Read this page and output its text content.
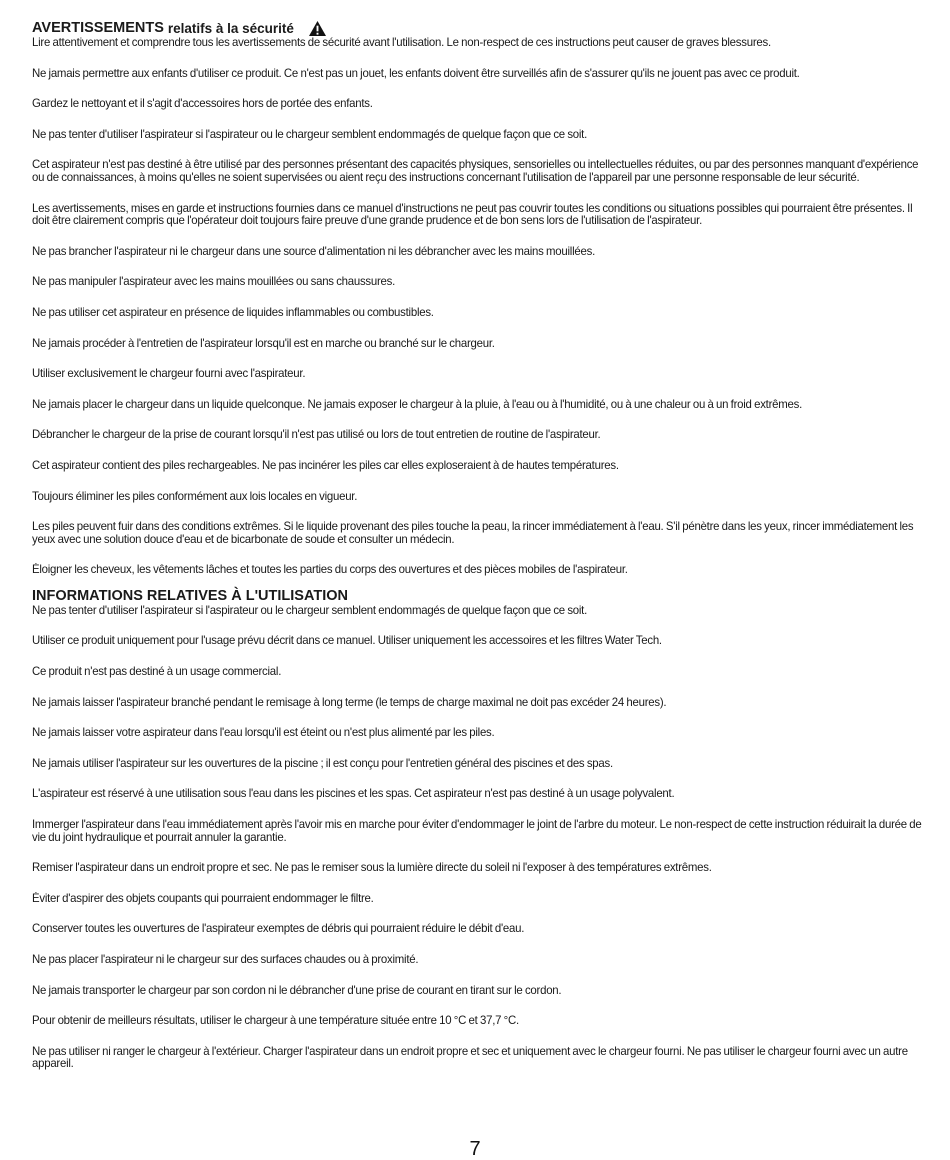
AVERTISSEMENTS relatifs à la sécurité

Lire attentivement et comprendre tous les avertissements de sécurité avant l'utilisation. Le non-respect de ces instructions peut causer de graves blessures.

Ne jamais permettre aux enfants d'utiliser ce produit. Ce n'est pas un jouet, les enfants doivent être surveillés afin de s'assurer qu'ils ne jouent pas avec ce produit.

Gardez le nettoyant et il s'agit d'accessoires hors de portée des enfants.

Ne pas tenter d'utiliser l'aspirateur si l'aspirateur ou le chargeur semblent endommagés de quelque façon que ce soit.

Cet aspirateur n'est pas destiné à être utilisé par des personnes présentant des capacités physiques, sensorielles ou intellectuelles réduites, ou par des personnes manquant d'expérience ou de connaissances, à moins qu'elles ne soient supervisées ou aient reçu des instructions concernant l'utilisation de l'appareil par une personne responsable de leur sécurité.

Les avertissements, mises en garde et instructions fournies dans ce manuel d'instructions ne peut pas couvrir toutes les conditions ou situations possibles qui pourraient être présentes. Il doit être clairement compris que l'opérateur doit toujours faire preuve d'une grande prudence et de bon sens lors de l'utilisation de l'aspirateur.

Ne pas brancher l'aspirateur ni le chargeur dans une source d'alimentation ni les débrancher avec les mains mouillées.

Ne pas manipuler l'aspirateur avec les mains mouillées ou sans chaussures.

Ne pas utiliser cet aspirateur en présence de liquides inflammables ou combustibles.

Ne jamais procéder à l'entretien de l'aspirateur lorsqu'il est en marche ou branché sur le chargeur.

Utiliser exclusivement le chargeur fourni avec l'aspirateur.

Ne jamais placer le chargeur dans un liquide quelconque. Ne jamais exposer le chargeur à la pluie, à l'eau ou à l'humidité, ou à une chaleur ou à un froid extrêmes.

Débrancher le chargeur de la prise de courant lorsqu'il n'est pas utilisé ou lors de tout entretien de routine de l'aspirateur.

Cet aspirateur contient des piles rechargeables. Ne pas incinérer les piles car elles exploseraient à de hautes températures.

Toujours éliminer les piles conformément aux lois locales en vigueur.

Les piles peuvent fuir dans des conditions extrêmes. Si le liquide provenant des piles touche la peau, la rincer immédiatement à l'eau. S'il pénètre dans les yeux, rincer immédiatement les yeux avec une solution douce d'eau et de bicarbonate de soude et consulter un médecin.

Éloigner les cheveux, les vêtements lâches et toutes les parties du corps des ouvertures et des pièces mobiles de l'aspirateur.

INFORMATIONS RELATIVES À L'UTILISATION

Ne pas tenter d'utiliser l'aspirateur si l'aspirateur ou le chargeur semblent endommagés de quelque façon que ce soit.

Utiliser ce produit uniquement pour l'usage prévu décrit dans ce manuel. Utiliser uniquement les accessoires et les filtres Water Tech.

Ce produit n'est pas destiné à un usage commercial.

Ne jamais laisser l'aspirateur branché pendant le remisage à long terme (le temps de charge maximal ne doit pas excéder 24 heures).

Ne jamais laisser votre aspirateur dans l'eau lorsqu'il est éteint ou n'est plus alimenté par les piles.

Ne jamais utiliser l'aspirateur sur les ouvertures de la piscine ; il est conçu pour l'entretien général des piscines et des spas.

L'aspirateur est réservé à une utilisation sous l'eau dans les piscines et les spas. Cet aspirateur n'est pas destiné à un usage polyvalent.

Immerger l'aspirateur dans l'eau immédiatement après l'avoir mis en marche pour éviter d'endommager le joint de l'arbre du moteur. Le non-respect de cette instruction réduirait la durée de vie du joint hydraulique et pourrait annuler la garantie.

Remiser l'aspirateur dans un endroit propre et sec. Ne pas le remiser sous la lumière directe du soleil ni l'exposer à des températures extrêmes.

Éviter d'aspirer des objets coupants qui pourraient endommager le filtre.

Conserver toutes les ouvertures de l'aspirateur exemptes de débris qui pourraient réduire le débit d'eau.

Ne pas placer l'aspirateur ni le chargeur sur des surfaces chaudes ou à proximité.

Ne jamais transporter le chargeur par son cordon ni le débrancher d'une prise de courant en tirant sur le cordon.

Pour obtenir de meilleurs résultats, utiliser le chargeur à une température située entre 10 °C et 37,7 °C.

Ne pas utiliser ni ranger le chargeur à l'extérieur. Charger l'aspirateur dans un endroit propre et sec et uniquement avec le chargeur fourni. Ne pas utiliser le chargeur fourni avec un autre appareil.

7
